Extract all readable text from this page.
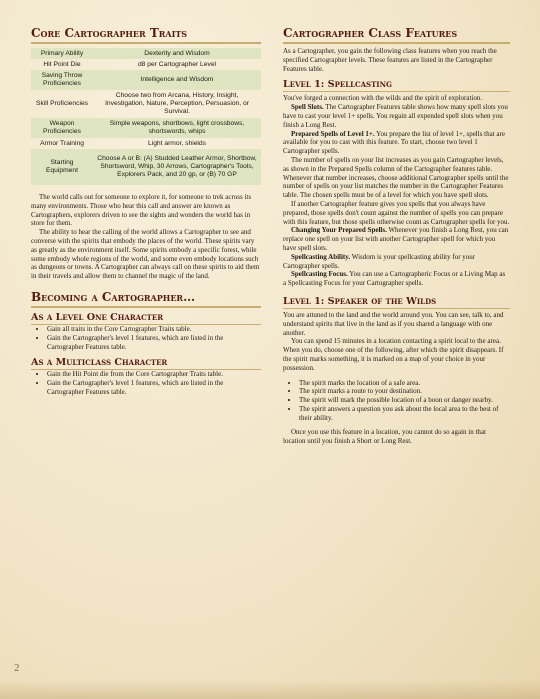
Core Cartographer Traits
Primary Ability	Dexterity and Wisdom
Hit Point Die	d8 per Cartographer Level
Saving Throw Proficiencies	Intelligence and Wisdom
Skill Proficiencies	Choose two from Arcana, History, Insight, Investigation, Nature, Perception, Persuasion, or Survival.
Weapon Proficiencies	Simple weapons, shortbows, light crossbows, shortswords, whips
Armor Training	Light armor, shields
Starting Equipment	Choose A or B: (A) Studded Leather Armor, Shortbow, Shortsword, Whip, 30 Arrows, Cartographer's Tools, Explorers Pack, and 20 gp, or (B) 70 GP

The world calls out for someone to explore it, for someone to trek across its many environments. Those who hear this call and answer are known as Cartographers, explorers driven to see the sights and wonders the world has in store for them.

The ability to hear the calling of the world allows a Cartographer to see and converse with the spirits that embody the places of the world. These spirits vary as greatly as the environment itself. Some spirits embody a specific forest, while some embody whole regions of the world, and some even embody locations such as dungeons or towns. A Cartographer can always call on these spirits to aid them in their travels and allow them to channel the magic of the land.

Becoming a Cartographer…
As a Level One Character
• Gain all traits in the Core Cartographer Traits table.
• Gain the Cartographer's level 1 features, which are listed in the Cartographer Features table.
As a Multiclass Character
• Gain the Hit Point die from the Core Cartographer Traits table.
• Gain the Cartographer's level 1 features, which are listed in the Cartographer Features table.
Cartographer Class Features

As a Cartographer, you gain the following class features when you reach the specified Cartographer levels. These features are listed in the Cartographer Features table.

Level 1: Spellcasting

You've forged a connection with the wilds and the spirit of exploration.

Spell Slots. The Cartographer Features table shows how many spell slots you have to cast your level 1+ spells. You regain all expended spell slots when you finish a Long Rest.

Prepared Spells of Level 1+. You prepare the list of level 1+, spells that are available for you to cast with this feature. To start, choose two level 1 Cartographer spells.

The number of spells on your list increases as you gain Cartographer levels, as shown in the Prepared Spells column of the Cartographer features table. Whenever that number increases, choose additional Cartographer spells until the number of spells on your list matches the number in the Cartographer Features table. The chosen spells must be of a level for which you have spell slots.

If another Cartographer feature gives you spells that you always have prepared, those spells don't count against the number of spells you can prepare with this feature, but those spells otherwise count as Cartographer spells for you.

Changing Your Prepared Spells. Whenever you finish a Long Rest, you can replace one spell on your list with another Cartographer spell for which you have spell slots.

Spellcasting Ability. Wisdom is your spellcasting ability for your Cartographer spells.

Spellcasting Focus. You can use a Cartographeric Focus or a Living Map as a Spellcasting Focus for your Cartographer spells.

Level 1: Speaker of the Wilds

You are attuned to the land and the world around you. You can see, talk to, and understand spirits that live in the land as if you shared a language with one another.

You can spend 15 minutes in a location contacting a spirit local to the area. When you do, choose one of the following, after which the spirit disappears. If the spirit marks something, it is marked on a map of your choice in your possession.

• The spirit marks the location of a safe area.
• The spirit marks a route to your destination.
• The spirit will mark the possible location of a boon or danger nearby.
• The spirit answers a question you ask about the local area to the best of their ability.

Once you use this feature in a location, you cannot do so again in that location until you finish a Short or Long Rest.

2
